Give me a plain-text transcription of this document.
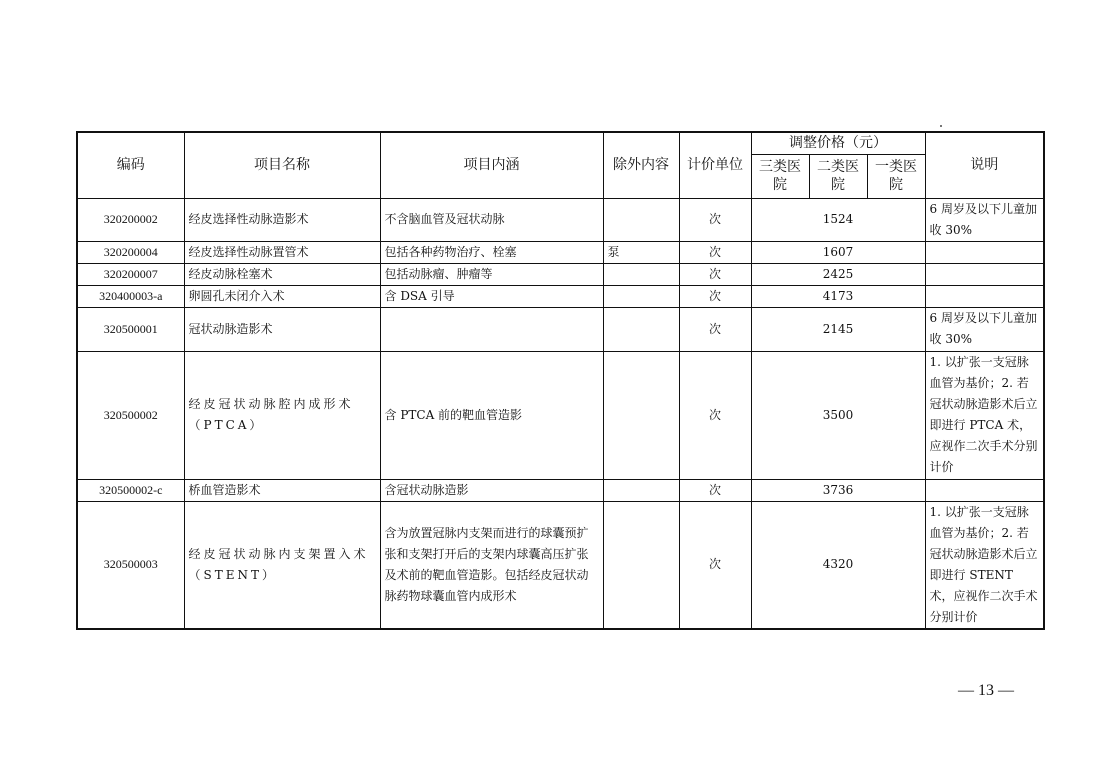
编码	项目名称	项目内涵	除外内容	计价单位	调整价格（元）			说明
					三类医院	二类医院	一类医院	
320200002	经皮选择性动脉造影术	不含脑血管及冠状动脉		次	1524			6 周岁及以下儿童加收 30%
320200004	经皮选择性动脉置管术	包括各种药物治疗、栓塞	泵	次	1607			
320200007	经皮动脉栓塞术	包括动脉瘤、肿瘤等		次	2425			
320400003-a	卵圆孔未闭介入术	含 DSA 引导		次	4173			
320500001	冠状动脉造影术			次	2145			6 周岁及以下儿童加收 30%
320500002	经皮冠状动脉腔内成形术（PTCA）	含 PTCA 前的靶血管造影		次	3500			1. 以扩张一支冠脉血管为基价；2. 若冠状动脉造影术后立即进行 PTCA 术，应视作二次手术分别计价
320500002-c	桥血管造影术	含冠状动脉造影		次	3736			
320500003	经皮冠状动脉内支架置入术（STENT）	含为放置冠脉内支架而进行的球囊预扩张和支架打开后的支架内球囊高压扩张及术前的靶血管造影。包括经皮冠状动脉药物球囊血管内成形术		次	4320			1. 以扩张一支冠脉血管为基价；2. 若冠状动脉造影术后立即进行 STENT 术，应视作二次手术分别计价
— 13 —
